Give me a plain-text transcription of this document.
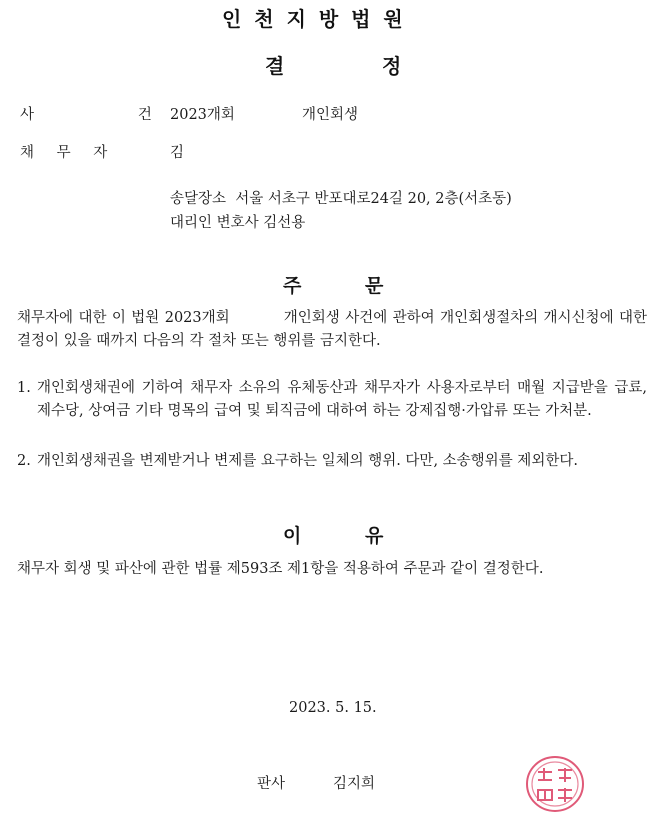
인 천 지 방 법 원
결	정
사   건 2023개회	개인회생
채 무 자	김
송달장소  서울 서초구 반포대로24길 20, 2층(서초동)
대리인 변호사 김선용
주	문
채무자에 대한 이 법원 2023개회          개인회생 사건에 관하여 개인회생절차의 개시신청에 대한 결정이 있을 때까지 다음의 각 절차 또는 행위를 금지한다.
1. 개인회생채권에 기하여 채무자 소유의 유체동산과 채무자가 사용자로부터 매월 지급받을 급료, 제수당, 상여금 기타 명목의 급여 및 퇴직금에 대하여 하는 강제집행·가압류 또는 가처분.
2. 개인회생채권을 변제받거나 변제를 요구하는 일체의 행위. 다만, 소송행위를 제외한다.
이	유
채무자 회생 및 파산에 관한 법률 제593조 제1항을 적용하여 주문과 같이 결정한다.
2023. 5. 15.
판사	김지희
